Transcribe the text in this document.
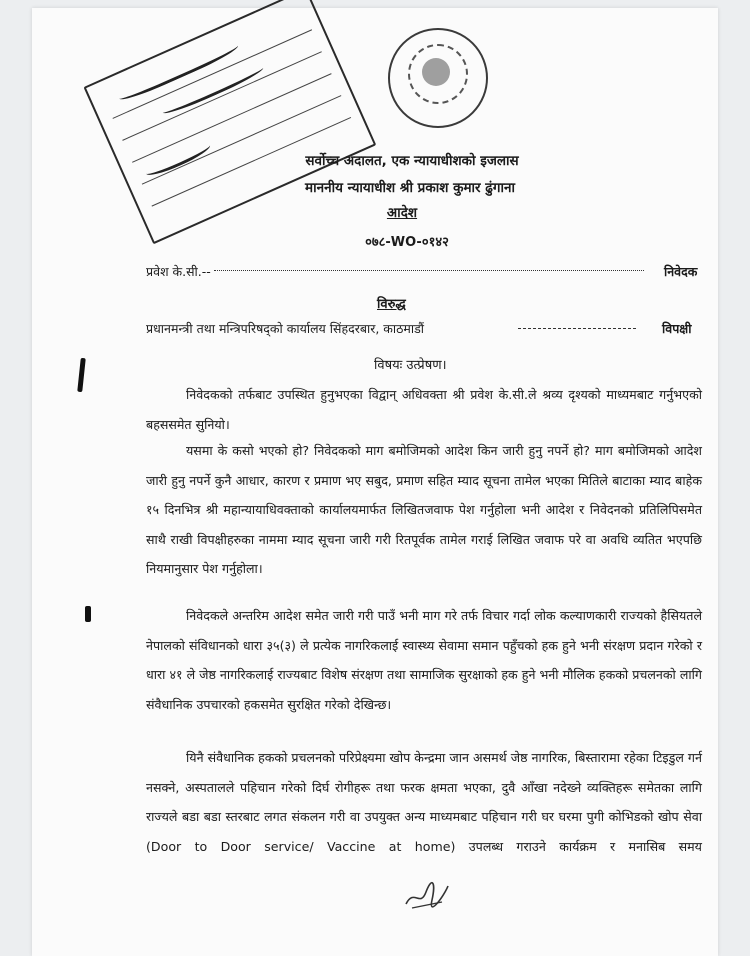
सर्वोच्च अदालत, एक न्यायाधीशको इजलास
माननीय न्यायाधीश श्री प्रकाश कुमार ढुंगाना
आदेश
०७८-WO-०१४२
प्रवेश के.सी.--	निवेदक
विरुद्ध
प्रधानमन्त्री तथा मन्त्रिपरिषद्को कार्यालय सिंहदरबार, काठमाडौं	विपक्षी
विषयः उत्प्रेषण।
निवेदकको तर्फबाट उपस्थित हुनुभएका विद्वान् अधिवक्ता श्री प्रवेश के.सी.ले श्रव्य दृश्यको माध्यमबाट गर्नुभएको बहससमेत सुनियो।
यसमा के कसो भएको हो? निवेदकको माग बमोजिमको आदेश किन जारी हुनु नपर्ने हो? माग बमोजिमको आदेश जारी हुनु नपर्ने कुनै आधार, कारण र प्रमाण भए सबुद, प्रमाण सहित म्याद सूचना तामेल भएका मितिले बाटाका म्याद बाहेक १५ दिनभित्र श्री महान्यायाधिवक्ताको कार्यालयमार्फत लिखितजवाफ पेश गर्नुहोला भनी आदेश र निवेदनको प्रतिलिपिसमेत साथै राखी विपक्षीहरुका नाममा म्याद सूचना जारी गरी रितपूर्वक तामेल गराई लिखित जवाफ परे वा अवधि व्यतित भएपछि नियमानुसार पेश गर्नुहोला।
निवेदकले अन्तरिम आदेश समेत जारी गरी पाउँ भनी माग गरे तर्फ विचार गर्दा लोक कल्याणकारी राज्यको हैसियतले नेपालको संविधानको धारा ३५(३) ले प्रत्येक नागरिकलाई स्वास्थ्य सेवामा समान पहुँचको हक हुने भनी संरक्षण प्रदान गरेको र धारा ४१ ले जेष्ठ नागरिकलाई राज्यबाट विशेष संरक्षण तथा सामाजिक सुरक्षाको हक हुने भनी मौलिक हकको प्रचलनको लागि संवैधानिक उपचारको हकसमेत सुरक्षित गरेको देखिन्छ।
यिनै संवैधानिक हकको प्रचलनको परिप्रेक्ष्यमा खोप केन्द्रमा जान असमर्थ जेष्ठ नागरिक, बिस्तारामा रहेका टिइडुल गर्न नसक्ने, अस्पतालले पहिचान गरेको दिर्घ रोगीहरू तथा फरक क्षमता भएका, दुवै आँखा नदेख्ने व्यक्तिहरू समेतका लागि राज्यले बडा बडा स्तरबाट लगत संकलन गरी वा उपयुक्त अन्य माध्यमबाट पहिचान गरी घर घरमा पुगी कोभिडको खोप सेवा (Door to Door service/ Vaccine at home) उपलब्ध गराउने कार्यक्रम र मनासिब समय
